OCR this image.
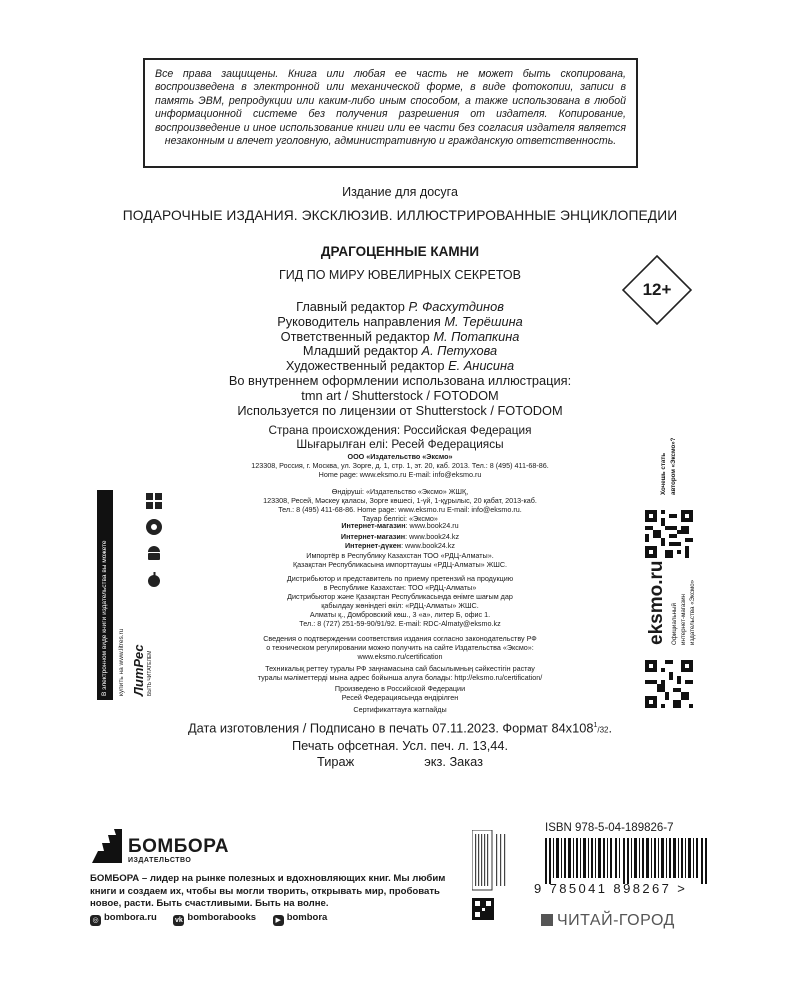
Все права защищены. Книга или любая ее часть не может быть скопирована, воспроизведена в электронной или механической форме, в виде фотокопии, записи в память ЭВМ, репродукции или каким-либо иным способом, а также использована в любой информационной системе без получения разрешения от издателя. Копирование, воспроизведение и иное использование книги или ее части без согласия издателя является незаконным и влечет уголовную, административную и гражданскую ответственность.
Издание для досуга
ПОДАРОЧНЫЕ ИЗДАНИЯ. ЭКСКЛЮЗИВ. ИЛЛЮСТРИРОВАННЫЕ ЭНЦИКЛОПЕДИИ
ДРАГОЦЕННЫЕ КАМНИ
ГИД ПО МИРУ ЮВЕЛИРНЫХ СЕКРЕТОВ
12+
Главный редактор Р. Фасхутдинов
Руководитель направления М. Терёшина
Ответственный редактор М. Потапкина
Младший редактор А. Петухова
Художественный редактор Е. Анисина
Во внутреннем оформлении использована иллюстрация:
tmn art / Shutterstock / FOTODOM
Используется по лицензии от Shutterstock / FOTODOM
Страна происхождения: Российская Федерация
Шығарылған елі: Ресей Федерациясы
ООО «Издательство «Эксмо»
123308, Россия, г. Москва, ул. Зорге, д. 1, стр. 1, эт. 20, каб. 2013. Тел.: 8 (495) 411-68-86.
Home page: www.eksmo.ru E-mail: info@eksmo.ru
Өндіруші: «Издательство «Эксмо» ЖШҚ,
123308, Ресей, Мәскеу қаласы, Зорге көшесі, 1-үй, 1-құрылыс, 20 қабат, 2013-каб.
Тел.: 8 (495) 411-68-86. Home page: www.eksmo.ru E-mail: info@eksmo.ru.
Тауар белгісі: «Эксмо»
Интернет-магазин: www.book24.ru
Интернет-магазин: www.book24.kz
Интернет-дүкен: www.book24.kz
Импортёр в Республику Казахстан ТОО «РДЦ-Алматы».
Қазақстан Республикасына импорттаушы «РДЦ-Алматы» ЖШС.
Дистрибьютор и представитель по приему претензий на продукцию
в Республике Казахстан: ТОО «РДЦ-Алматы»
Дистрибьютор және Қазақстан Республикасында өнімге шағым дар
қабылдау жөніндегі өкіл: «РДЦ-Алматы» ЖШС.
Алматы қ., Домбровский көш., 3 «а», литер Б, офис 1.
Тел.: 8 (727) 251-59-90/91/92. E-mail: RDC-Almaty@eksmo.kz
Сведения о подтверждении соответствия издания согласно законодательству РФ
о техническом регулировании можно получить на сайте Издательства «Эксмо»:
www.eksmo.ru/certification
Техникалық реттеу туралы РФ заңнамасына сай басылымның сәйкестігін растау
туралы мәліметтерді мына адрес бойынша алуға болады: http://eksmo.ru/certification/
Произведено в Российской Федерации
Ресей Федерациясында өндірілген
Сертификаттауға жатпайды
Дата изготовления / Подписано в печать 07.11.2023. Формат $84x108^1/32$.
Печать офсетная. Усл. печ. л. 13,44.
Тираж	экз. Заказ
В электронном виде книги издательства вы можете купить на www.litres.ru ЛитРес БЫТЬ ЧИТАТЕЛЕМ
Хочешь стать автором «Эксмо»?
eksmo.ru Официальный интернет-магазин издательства «Эксмо»
БОМБОРА
ИЗДАТЕЛЬСТВО
БОМБОРА – лидер на рынке полезных и вдохновляющих книг. Мы любим книги и создаем их, чтобы вы могли творить, открывать мир, пробовать новое, расти. Быть счастливыми. Быть на волне.
◎ bombora.ru	vk bomborabooks	▶ bombora
ISBN 978-5-04-189826-7
9 785041 898267 >
ЧИТАЙ-ГОРОД
